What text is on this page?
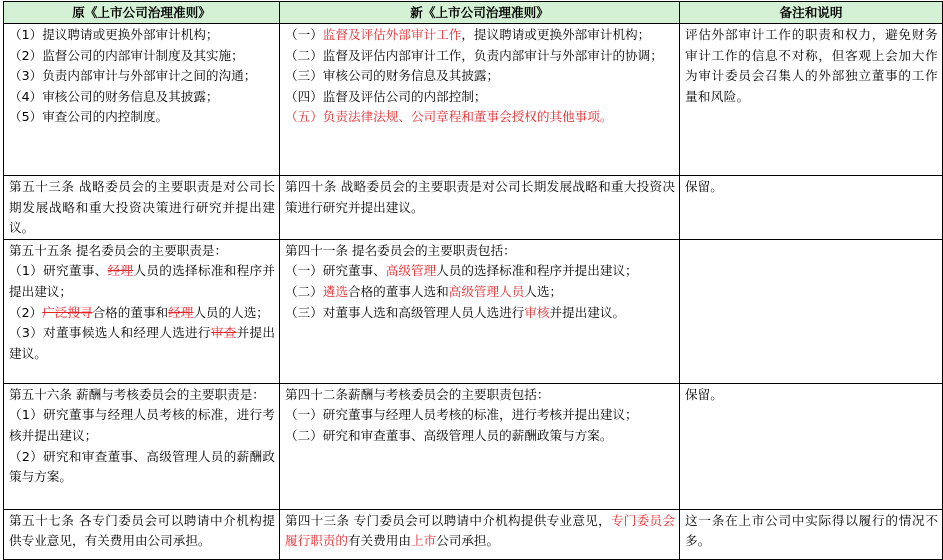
原《上市公司治理准则》	新《上市公司治理准则》	备注和说明

（1）提议聘请或更换外部审计机构；
（2）监督公司的内部审计制度及其实施；
（3）负责内部审计与外部审计之间的沟通；
（4）审核公司的财务信息及其披露；
（5）审查公司的内控制度。	（一）监督及评估外部审计工作，提议聘请或更换外部审计机构；
（二）监督及评估内部审计工作，负责内部审计与外部审计的协调；
（三）审核公司的财务信息及其披露；
（四）监督及评估公司的内部控制；
（五）负责法律法规、公司章程和董事会授权的其他事项。	评估外部审计工作的职责和权力，避免财务审计工作的信息不对称，但客观上会加大作为审计委员会召集人的外部独立董事的工作量和风险。
第五十三条 战略委员会的主要职责是对公司长期发展战略和重大投资决策进行研究并提出建议。	第四十条 战略委员会的主要职责是对公司长期发展战略和重大投资决策进行研究并提出建议。	保留。

第五十五条 提名委员会的主要职责是：
（1）研究董事、经理人员的选择标准和程序并提出建议；
（2）广泛搜寻合格的董事和经理人员的人选；
（3）对董事候选人和经理人选进行审查并提出建议。	第四十一条 提名委员会的主要职责包括：
（一）研究董事、高级管理人员的选择标准和程序并提出建议；
（二）遴选合格的董事人选和高级管理人员人选；
（三）对董事人选和高级管理人员人选进行审核并提出建议。	

第五十六条 薪酬与考核委员会的主要职责是：
（1）研究董事与经理人员考核的标准，进行考核并提出建议；
（2）研究和审查董事、高级管理人员的薪酬政策与方案。	第四十二条薪酬与考核委员会的主要职责包括：
（一）研究董事与经理人员考核的标准，进行考核并提出建议；
（二）研究和审查董事、高级管理人员的薪酬政策与方案。	保留。
第五十七条 各专门委员会可以聘请中介机构提供专业意见，有关费用由公司承担。	第四十三条 专门委员会可以聘请中介机构提供专业意见，专门委员会履行职责的有关费用由上市公司承担。	这一条在上市公司中实际得以履行的情况不多。
